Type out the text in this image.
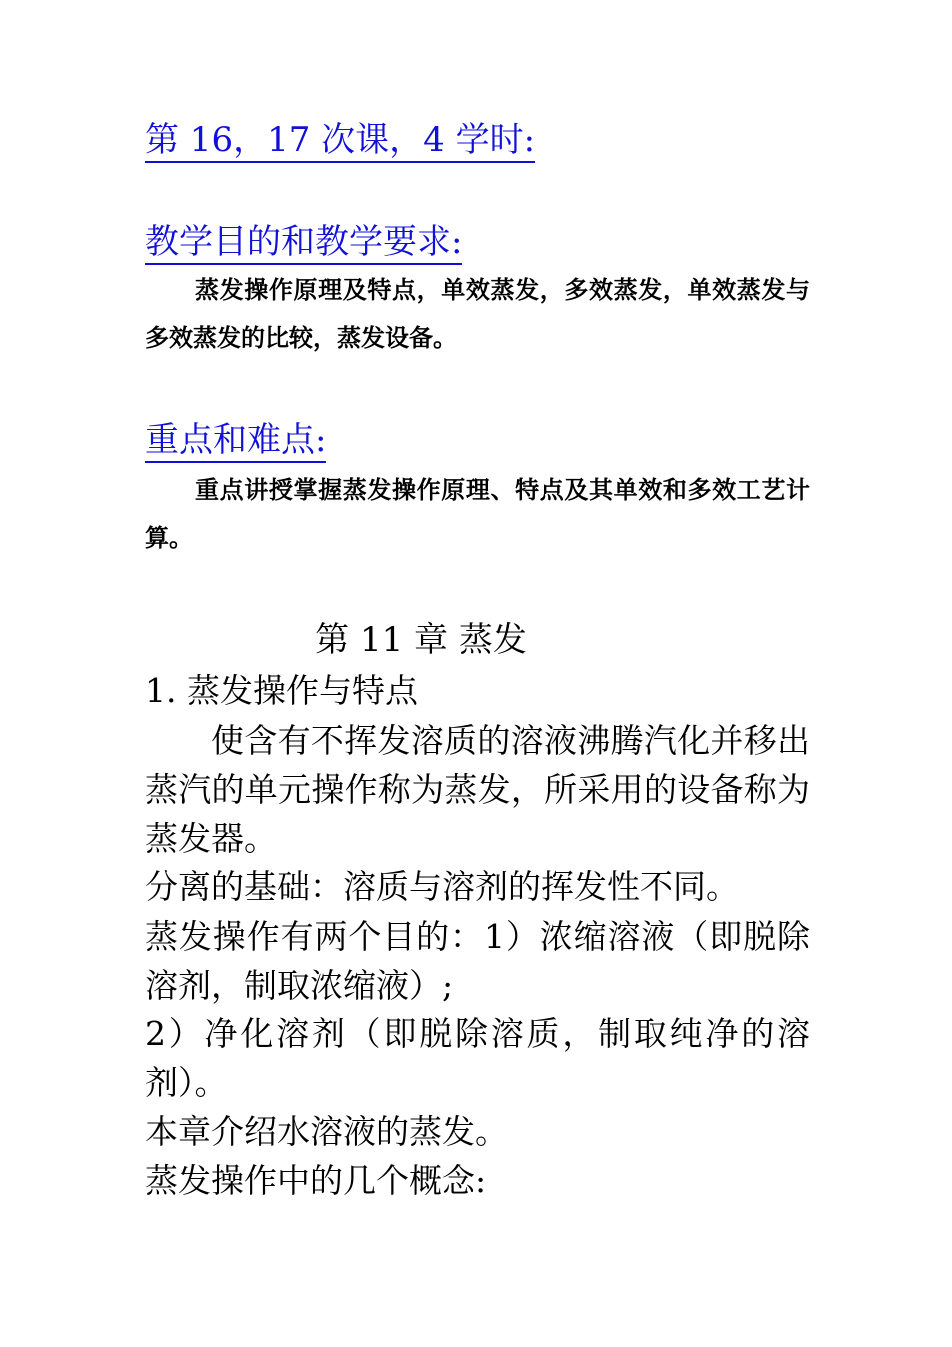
第 16，17 次课，4 学时:
教学目的和教学要求:
蒸发操作原理及特点，单效蒸发，多效蒸发，单效蒸发与多效蒸发的比较，蒸发设备。
重点和难点:
重点讲授掌握蒸发操作原理、特点及其单效和多效工艺计算。
第 11 章 蒸发
1. 蒸发操作与特点
使含有不挥发溶质的溶液沸腾汽化并移出蒸汽的单元操作称为蒸发，所采用的设备称为蒸发器。
分离的基础：溶质与溶剂的挥发性不同。
蒸发操作有两个目的：1）浓缩溶液（即脱除溶剂，制取浓缩液）;
2）净化溶剂（即脱除溶质，制取纯净的溶剂）。
本章介绍水溶液的蒸发。
蒸发操作中的几个概念:
